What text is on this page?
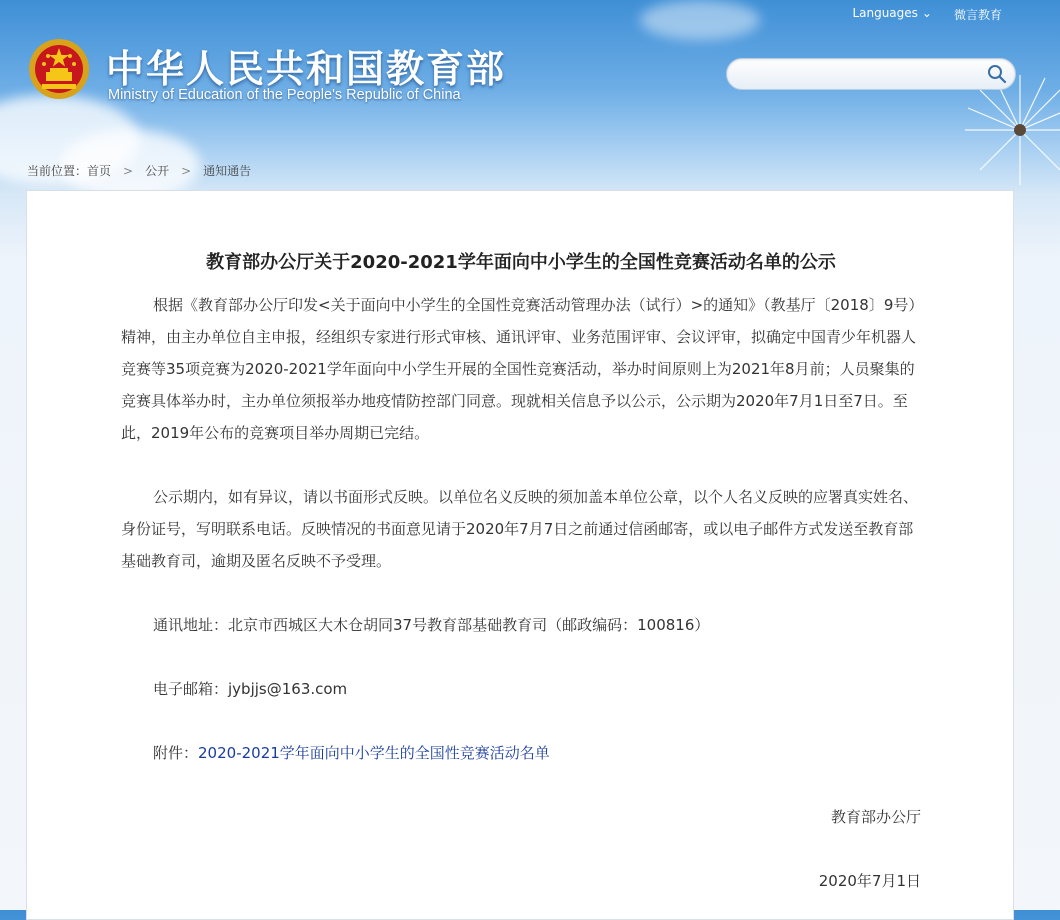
Languages ⌄ 微言教育
中华人民共和国教育部
Ministry of Education of the People's Republic of China
当前位置： 首页 > 公开 > 通知通告
教育部办公厅关于2020-2021学年面向中小学生的全国性竞赛活动名单的公示

根据《教育部办公厅印发<关于面向中小学生的全国性竞赛活动管理办法（试行）>的通知》（教基厅〔2018〕9号）精神，由主办单位自主申报，经组织专家进行形式审核、通讯评审、业务范围评审、会议评审，拟确定中国青少年机器人竞赛等35项竞赛为2020-2021学年面向中小学生开展的全国性竞赛活动，举办时间原则上为2021年8月前；人员聚集的竞赛具体举办时，主办单位须报举办地疫情防控部门同意。现就相关信息予以公示，公示期为2020年7月1日至7日。至此，2019年公布的竞赛项目举办周期已完结。

公示期内，如有异议，请以书面形式反映。以单位名义反映的须加盖本单位公章，以个人名义反映的应署真实姓名、身份证号，写明联系电话。反映情况的书面意见请于2020年7月7日之前通过信函邮寄，或以电子邮件方式发送至教育部基础教育司，逾期及匿名反映不予受理。

通讯地址：北京市西城区大木仓胡同37号教育部基础教育司（邮政编码：100816）

电子邮箱：jybjjs@163.com

附件：2020-2021学年面向中小学生的全国性竞赛活动名单

教育部办公厅

2020年7月1日
